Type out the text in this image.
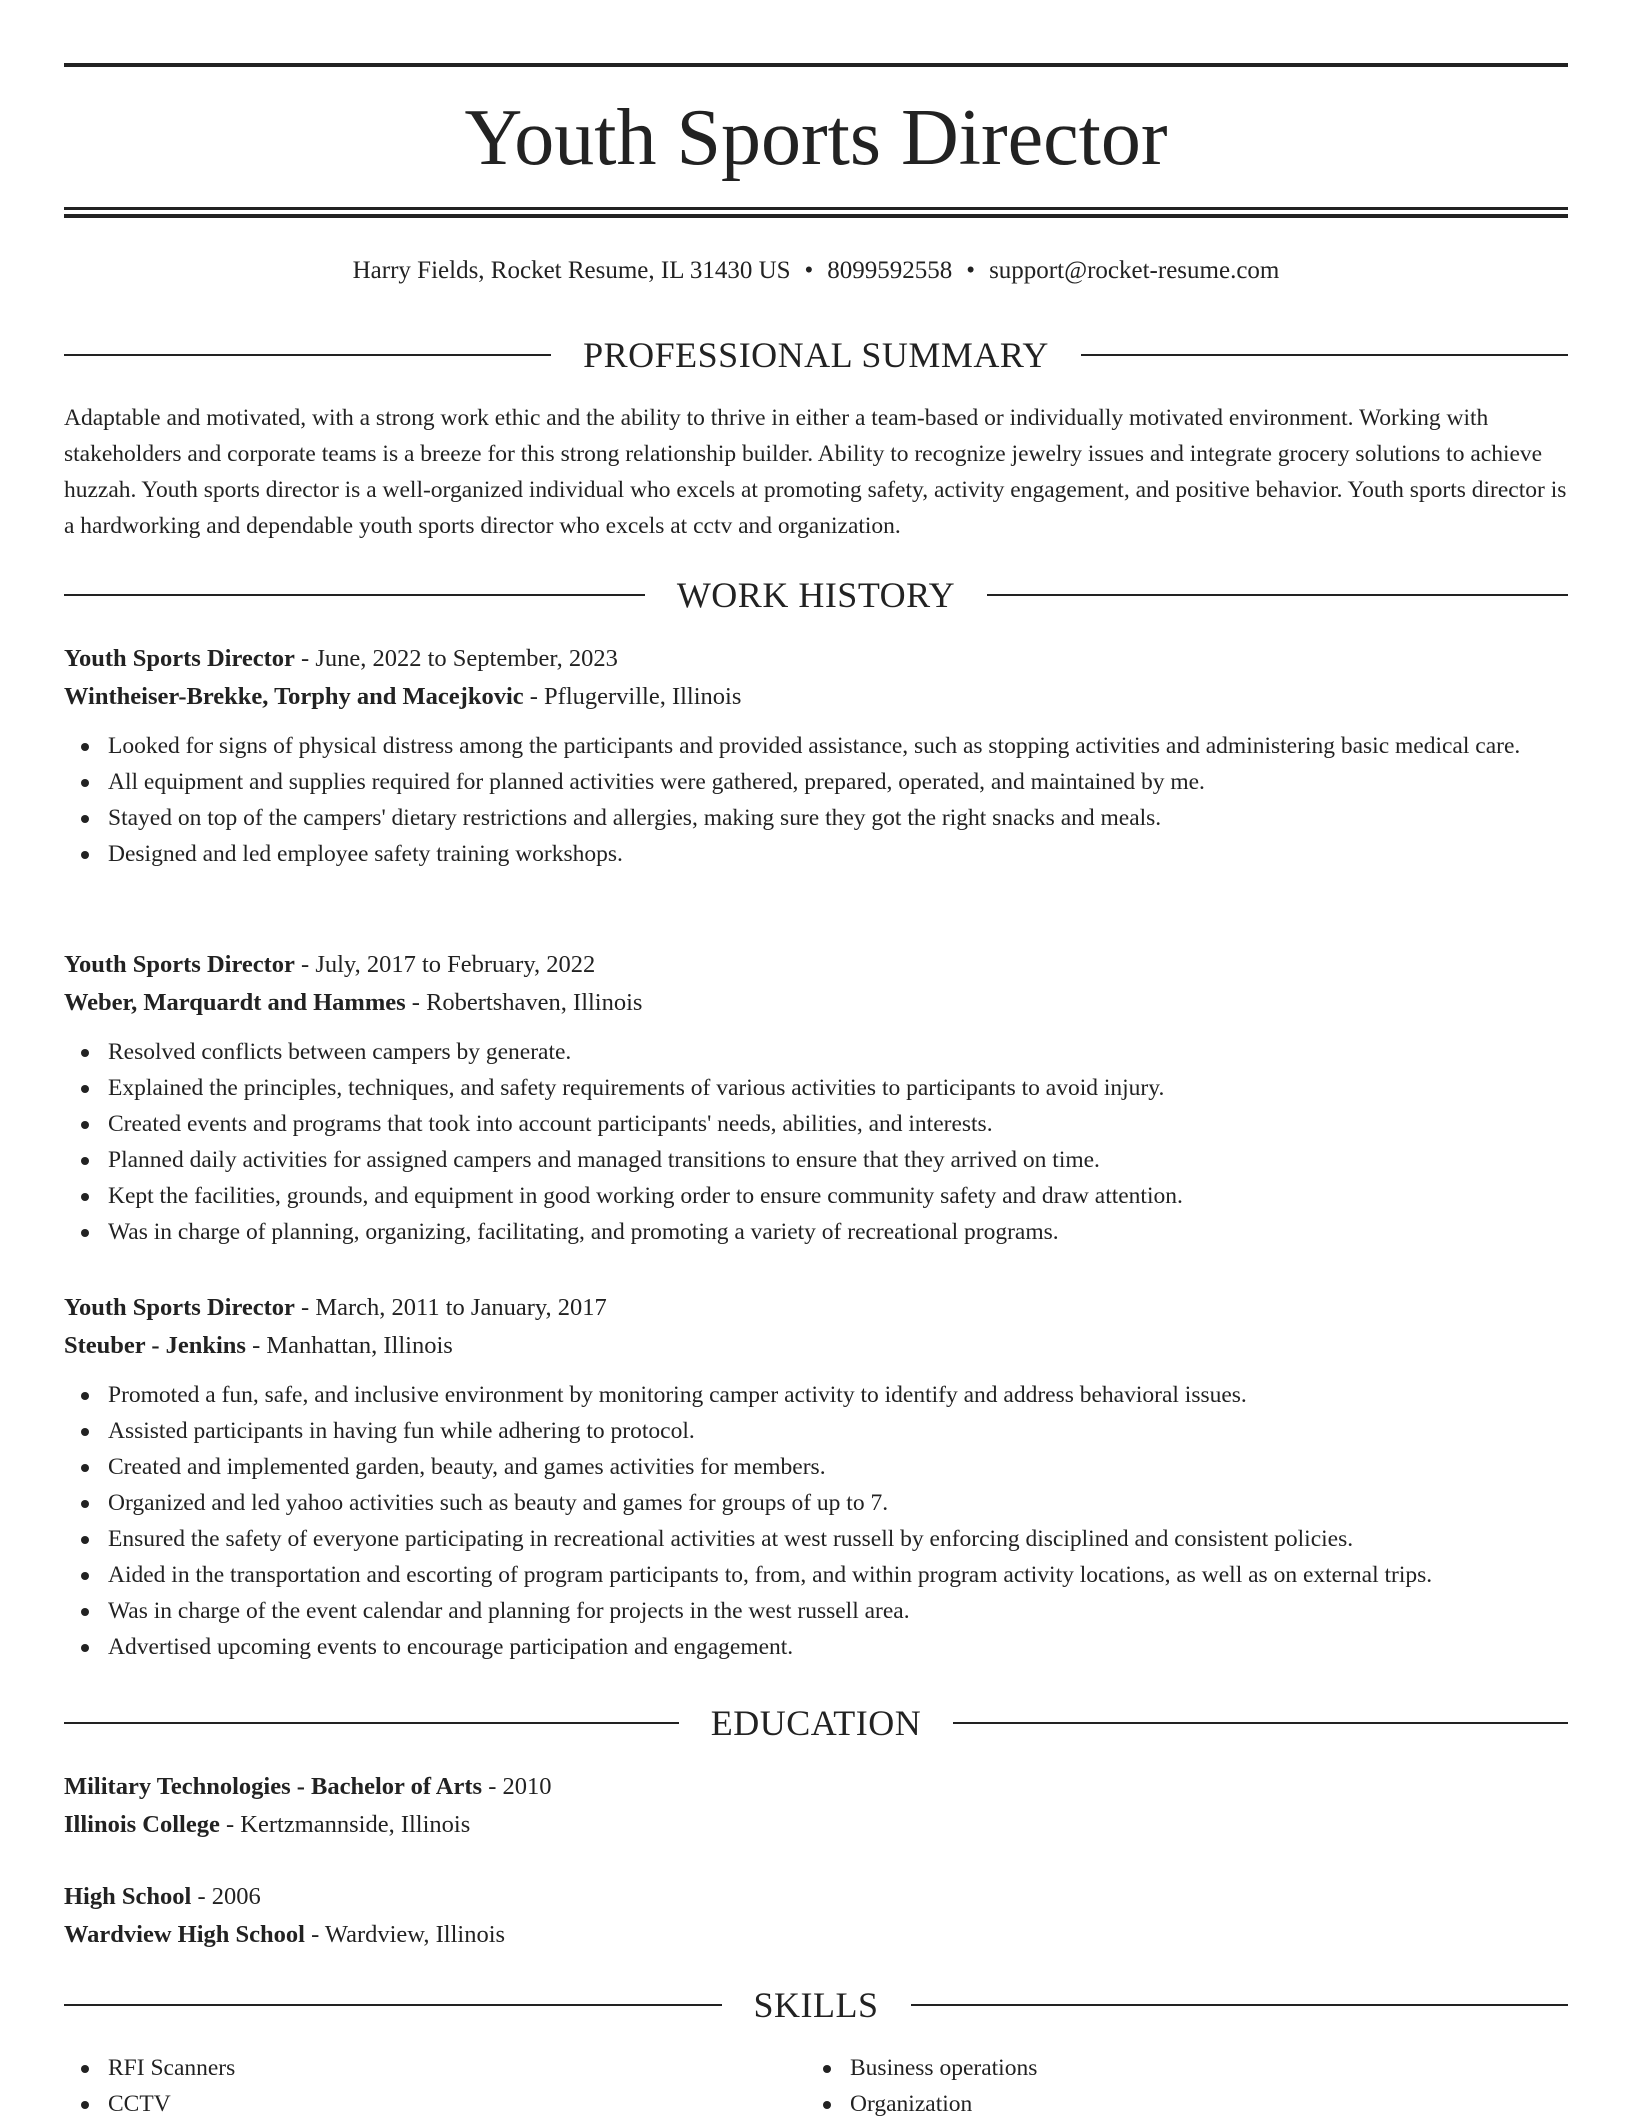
Youth Sports Director
Harry Fields, Rocket Resume, IL 31430 US • 8099592558 • support@rocket-resume.com
PROFESSIONAL SUMMARY
Adaptable and motivated, with a strong work ethic and the ability to thrive in either a team-based or individually motivated environment. Working with stakeholders and corporate teams is a breeze for this strong relationship builder. Ability to recognize jewelry issues and integrate grocery solutions to achieve huzzah. Youth sports director is a well-organized individual who excels at promoting safety, activity engagement, and positive behavior. Youth sports director is a hardworking and dependable youth sports director who excels at cctv and organization.
WORK HISTORY
Youth Sports Director - June, 2022 to September, 2023
Wintheiser-Brekke, Torphy and Macejkovic - Pflugerville, Illinois
Looked for signs of physical distress among the participants and provided assistance, such as stopping activities and administering basic medical care.
All equipment and supplies required for planned activities were gathered, prepared, operated, and maintained by me.
Stayed on top of the campers' dietary restrictions and allergies, making sure they got the right snacks and meals.
Designed and led employee safety training workshops.
Youth Sports Director - July, 2017 to February, 2022
Weber, Marquardt and Hammes - Robertshaven, Illinois
Resolved conflicts between campers by generate.
Explained the principles, techniques, and safety requirements of various activities to participants to avoid injury.
Created events and programs that took into account participants' needs, abilities, and interests.
Planned daily activities for assigned campers and managed transitions to ensure that they arrived on time.
Kept the facilities, grounds, and equipment in good working order to ensure community safety and draw attention.
Was in charge of planning, organizing, facilitating, and promoting a variety of recreational programs.
Youth Sports Director - March, 2011 to January, 2017
Steuber - Jenkins - Manhattan, Illinois
Promoted a fun, safe, and inclusive environment by monitoring camper activity to identify and address behavioral issues.
Assisted participants in having fun while adhering to protocol.
Created and implemented garden, beauty, and games activities for members.
Organized and led yahoo activities such as beauty and games for groups of up to 7.
Ensured the safety of everyone participating in recreational activities at west russell by enforcing disciplined and consistent policies.
Aided in the transportation and escorting of program participants to, from, and within program activity locations, as well as on external trips.
Was in charge of the event calendar and planning for projects in the west russell area.
Advertised upcoming events to encourage participation and engagement.
EDUCATION
Military Technologies - Bachelor of Arts - 2010
Illinois College - Kertzmannside, Illinois
High School - 2006
Wardview High School - Wardview, Illinois
SKILLS
RFI Scanners
CCTV
Business operations
Organization
